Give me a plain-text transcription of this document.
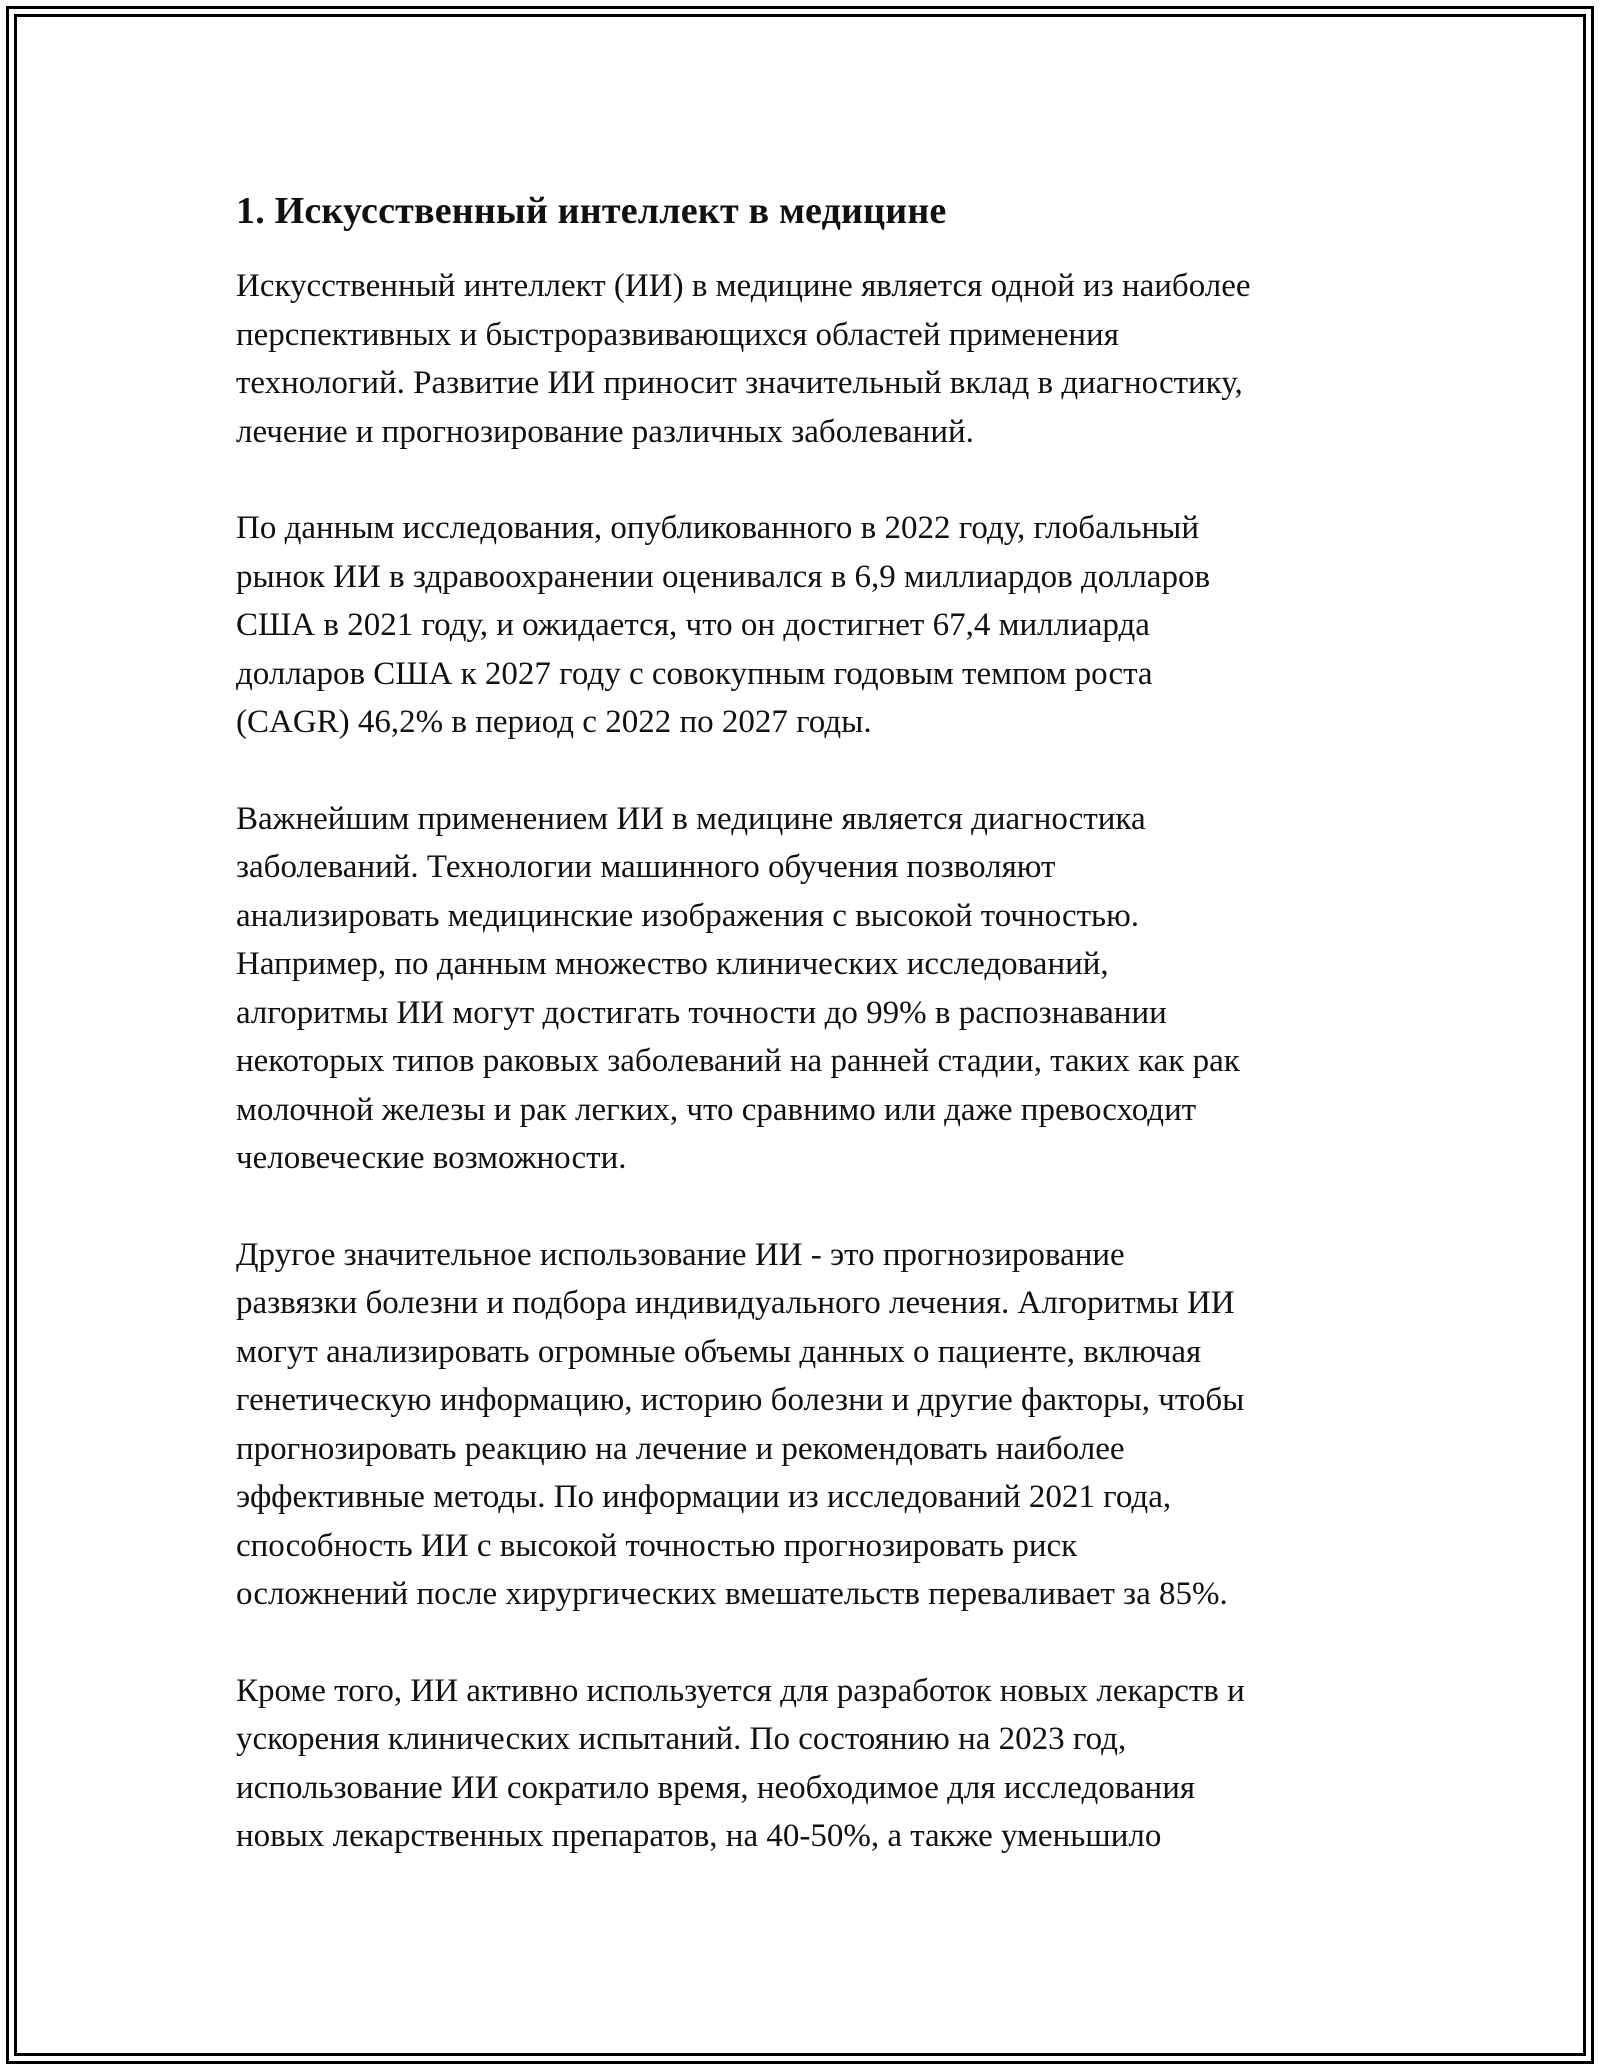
1. Искусственный интеллект в медицине

Искусственный интеллект (ИИ) в медицине является одной из наиболее
перспективных и быстроразвивающихся областей применения
технологий. Развитие ИИ приносит значительный вклад в диагностику,
лечение и прогнозирование различных заболеваний.

По данным исследования, опубликованного в 2022 году, глобальный
рынок ИИ в здравоохранении оценивался в 6,9 миллиардов долларов
США в 2021 году, и ожидается, что он достигнет 67,4 миллиарда
долларов США к 2027 году с совокупным годовым темпом роста
(CAGR) 46,2% в период с 2022 по 2027 годы.

Важнейшим применением ИИ в медицине является диагностика
заболеваний. Технологии машинного обучения позволяют
анализировать медицинские изображения с высокой точностью.
Например, по данным множество клинических исследований,
алгоритмы ИИ могут достигать точности до 99% в распознавании
некоторых типов раковых заболеваний на ранней стадии, таких как рак
молочной железы и рак легких, что сравнимо или даже превосходит
человеческие возможности.

Другое значительное использование ИИ - это прогнозирование
развязки болезни и подбора индивидуального лечения. Алгоритмы ИИ
могут анализировать огромные объемы данных о пациенте, включая
генетическую информацию, историю болезни и другие факторы, чтобы
прогнозировать реакцию на лечение и рекомендовать наиболее
эффективные методы. По информации из исследований 2021 года,
способность ИИ с высокой точностью прогнозировать риск
осложнений после хирургических вмешательств переваливает за 85%.

Кроме того, ИИ активно используется для разработок новых лекарств и
ускорения клинических испытаний. По состоянию на 2023 год,
использование ИИ сократило время, необходимое для исследования
новых лекарственных препаратов, на 40-50%, а также уменьшило
